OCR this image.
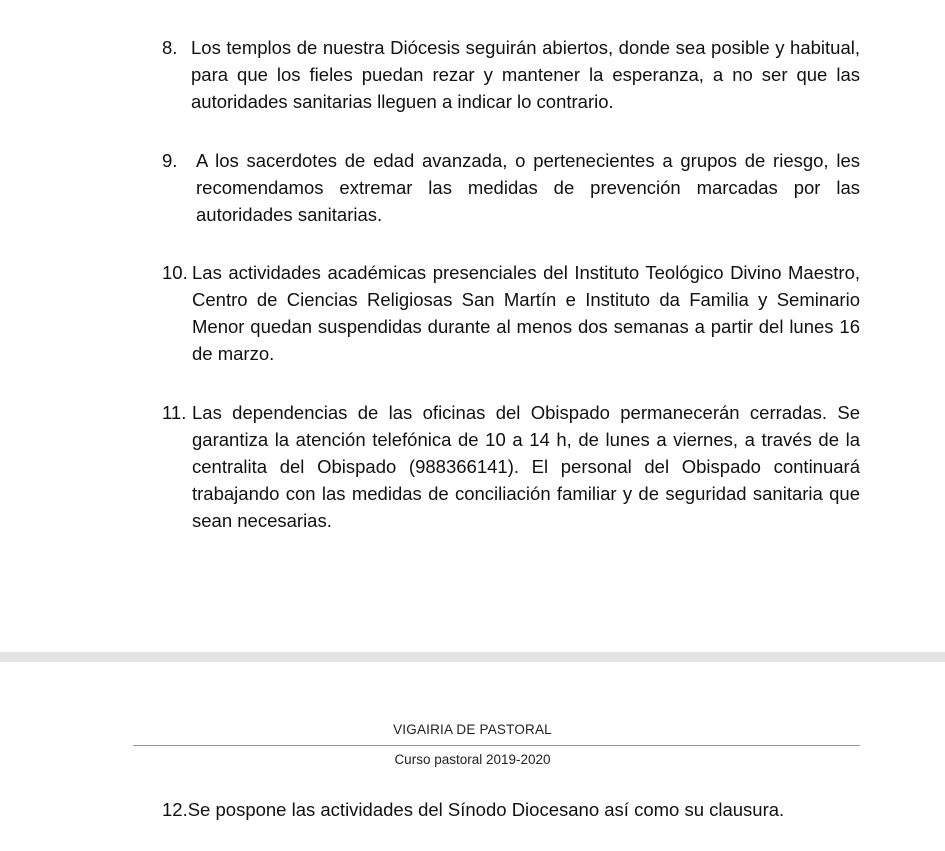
8. Los templos de nuestra Diócesis seguirán abiertos, donde sea posible y habitual, para que los fieles puedan rezar y mantener la esperanza, a no ser que las autoridades sanitarias lleguen a indicar lo contrario.
9.	A los sacerdotes de edad avanzada, o pertenecientes a grupos de riesgo, les recomendamos extremar las medidas de prevención marcadas por las autoridades sanitarias.
10. Las actividades académicas presenciales del Instituto Teológico Divino Maestro, Centro de Ciencias Religiosas San Martín e Instituto da Familia y Seminario Menor quedan suspendidas durante al menos dos semanas a partir del lunes 16 de marzo.
11. Las dependencias de las oficinas del Obispado permanecerán cerradas. Se garantiza la atención telefónica de 10 a 14 h, de lunes a viernes, a través de la centralita del Obispado (988366141). El personal del Obispado continuará trabajando con las medidas de conciliación familiar y de seguridad sanitaria que sean necesarias.
VIGAIRIA DE PASTORAL
Curso pastoral 2019-2020
12.Se pospone las actividades del Sínodo Diocesano así como su clausura.
